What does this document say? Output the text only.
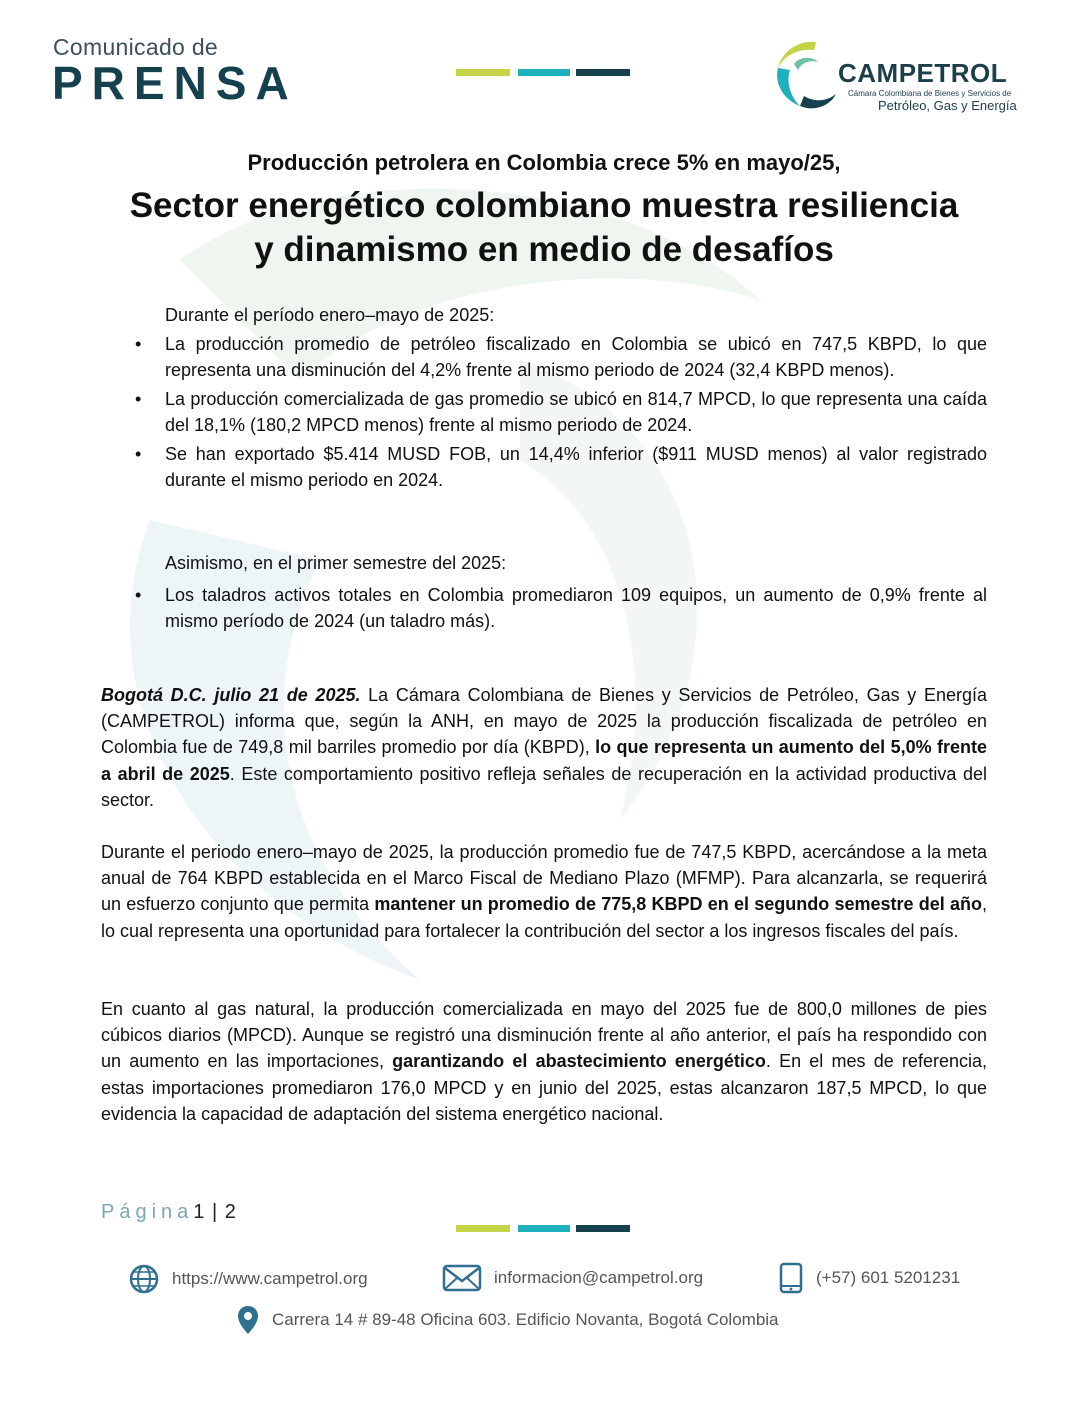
Comunicado de
PRENSA	CAMPETROL
Cámara Colombiana de Bienes y Servicios de
Petróleo, Gas y Energía
Producción petrolera en Colombia crece 5% en mayo/25,
Sector energético colombiano muestra resiliencia
y dinamismo en medio de desafíos
Durante el período enero–mayo de 2025:
• La producción promedio de petróleo fiscalizado en Colombia se ubicó en 747,5 KBPD, lo que representa una disminución del 4,2% frente al mismo periodo de 2024 (32,4 KBPD menos).
• La producción comercializada de gas promedio se ubicó en 814,7 MPCD, lo que representa una caída del 18,1% (180,2 MPCD menos) frente al mismo periodo de 2024.
• Se han exportado $5.414 MUSD FOB, un 14,4% inferior ($911 MUSD menos) al valor registrado durante el mismo periodo en 2024.
Asimismo, en el primer semestre del 2025:
• Los taladros activos totales en Colombia promediaron 109 equipos, un aumento de 0,9% frente al mismo período de 2024 (un taladro más).

Bogotá D.C. julio 21 de 2025. La Cámara Colombiana de Bienes y Servicios de Petróleo, Gas y Energía (CAMPETROL) informa que, según la ANH, en mayo de 2025 la producción fiscalizada de petróleo en Colombia fue de 749,8 mil barriles promedio por día (KBPD), lo que representa un aumento del 5,0% frente a abril de 2025. Este comportamiento positivo refleja señales de recuperación en la actividad productiva del sector.

Durante el periodo enero–mayo de 2025, la producción promedio fue de 747,5 KBPD, acercándose a la meta anual de 764 KBPD establecida en el Marco Fiscal de Mediano Plazo (MFMP). Para alcanzarla, se requerirá un esfuerzo conjunto que permita mantener un promedio de 775,8 KBPD en el segundo semestre del año, lo cual representa una oportunidad para fortalecer la contribución del sector a los ingresos fiscales del país.

En cuanto al gas natural, la producción comercializada en mayo del 2025 fue de 800,0 millones de pies cúbicos diarios (MPCD). Aunque se registró una disminución frente al año anterior, el país ha respondido con un aumento en las importaciones, garantizando el abastecimiento energético. En el mes de referencia, estas importaciones promediaron 176,0 MPCD y en junio del 2025, estas alcanzaron 187,5 MPCD, lo que evidencia la capacidad de adaptación del sistema energético nacional.

Página1 | 2
https://www.campetrol.org	informacion@campetrol.org	(+57) 601 5201231
Carrera 14 # 89-48 Oficina 603. Edificio Novanta, Bogotá Colombia
